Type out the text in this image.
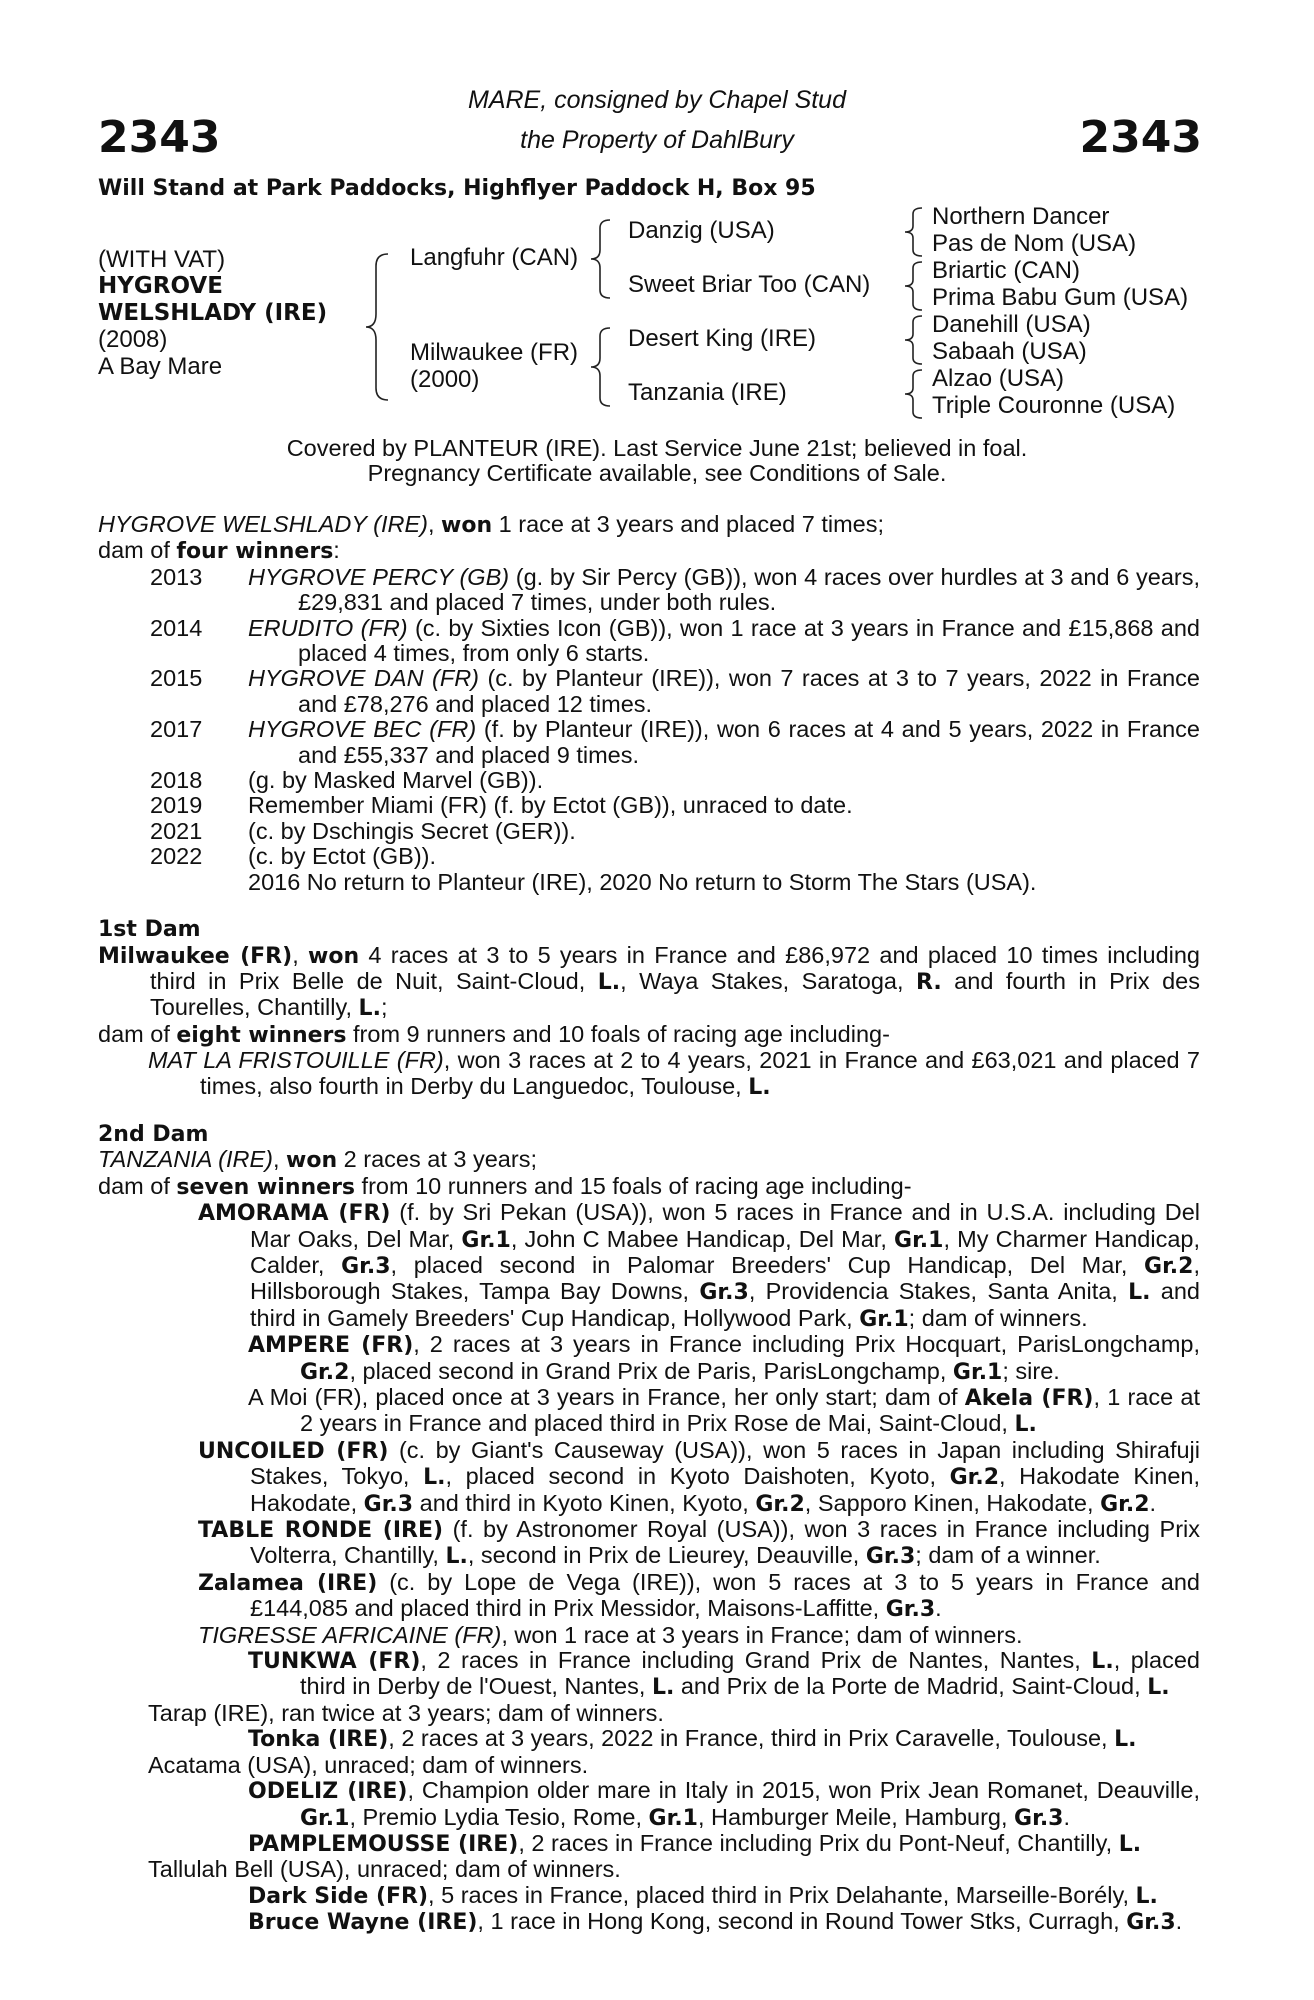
2343	2343
MARE, consigned by Chapel Stud
the Property of DahlBury
Will Stand at Park Paddocks, Highflyer Paddock H, Box 95
(WITH VAT)
HYGROVE
WELSHLADY (IRE)
(2008)
A Bay Mare
Langfuhr (CAN)
Milwaukee (FR)
(2000)
Danzig (USA)
Sweet Briar Too (CAN)
Desert King (IRE)
Tanzania (IRE)
Northern Dancer
Pas de Nom (USA)
Briartic (CAN)
Prima Babu Gum (USA)
Danehill (USA)
Sabaah (USA)
Alzao (USA)
Triple Couronne (USA)
Covered by PLANTEUR (IRE). Last Service June 21st; believed in foal.
Pregnancy Certificate available, see Conditions of Sale.

HYGROVE WELSHLADY (IRE), won 1 race at 3 years and placed 7 times;

dam of four winners:

2013	HYGROVE PERCY (GB) (g. by Sir Percy (GB)), won 4 races over hurdles at 3 and 6 years, £29,831 and placed 7 times, under both rules.
2014	ERUDITO (FR) (c. by Sixties Icon (GB)), won 1 race at 3 years in France and £15,868 and placed 4 times, from only 6 starts.
2015	HYGROVE DAN (FR) (c. by Planteur (IRE)), won 7 races at 3 to 7 years, 2022 in France and £78,276 and placed 12 times.
2017	HYGROVE BEC (FR) (f. by Planteur (IRE)), won 6 races at 4 and 5 years, 2022 in France and £55,337 and placed 9 times.
2018	(g. by Masked Marvel (GB)).
2019	Remember Miami (FR) (f. by Ectot (GB)), unraced to date.
2021	(c. by Dschingis Secret (GER)).
2022	(c. by Ectot (GB)).
2016 No return to Planteur (IRE), 2020 No return to Storm The Stars (USA).

1st Dam

Milwaukee (FR), won 4 races at 3 to 5 years in France and £86,972 and placed 10 times including third in Prix Belle de Nuit, Saint-Cloud, L., Waya Stakes, Saratoga, R. and fourth in Prix des Tourelles, Chantilly, L.;

dam of eight winners from 9 runners and 10 foals of racing age including-

MAT LA FRISTOUILLE (FR), won 3 races at 2 to 4 years, 2021 in France and £63,021 and placed 7 times, also fourth in Derby du Languedoc, Toulouse, L.

2nd Dam

TANZANIA (IRE), won 2 races at 3 years;

dam of seven winners from 10 runners and 15 foals of racing age including-

AMORAMA (FR) (f. by Sri Pekan (USA)), won 5 races in France and in U.S.A. including Del Mar Oaks, Del Mar, Gr.1, John C Mabee Handicap, Del Mar, Gr.1, My Charmer Handicap, Calder, Gr.3, placed second in Palomar Breeders' Cup Handicap, Del Mar, Gr.2, Hillsborough Stakes, Tampa Bay Downs, Gr.3, Providencia Stakes, Santa Anita, L. and third in Gamely Breeders' Cup Handicap, Hollywood Park, Gr.1; dam of winners.

AMPERE (FR), 2 races at 3 years in France including Prix Hocquart, ParisLongchamp, Gr.2, placed second in Grand Prix de Paris, ParisLongchamp, Gr.1; sire.

A Moi (FR), placed once at 3 years in France, her only start; dam of Akela (FR), 1 race at 2 years in France and placed third in Prix Rose de Mai, Saint-Cloud, L.

UNCOILED (FR) (c. by Giant's Causeway (USA)), won 5 races in Japan including Shirafuji Stakes, Tokyo, L., placed second in Kyoto Daishoten, Kyoto, Gr.2, Hakodate Kinen, Hakodate, Gr.3 and third in Kyoto Kinen, Kyoto, Gr.2, Sapporo Kinen, Hakodate, Gr.2.

TABLE RONDE (IRE) (f. by Astronomer Royal (USA)), won 3 races in France including Prix Volterra, Chantilly, L., second in Prix de Lieurey, Deauville, Gr.3; dam of a winner.

Zalamea (IRE) (c. by Lope de Vega (IRE)), won 5 races at 3 to 5 years in France and £144,085 and placed third in Prix Messidor, Maisons-Laffitte, Gr.3.

TIGRESSE AFRICAINE (FR), won 1 race at 3 years in France; dam of winners.

TUNKWA (FR), 2 races in France including Grand Prix de Nantes, Nantes, L., placed third in Derby de l'Ouest, Nantes, L. and Prix de la Porte de Madrid, Saint-Cloud, L.

Tarap (IRE), ran twice at 3 years; dam of winners.

Tonka (IRE), 2 races at 3 years, 2022 in France, third in Prix Caravelle, Toulouse, L.

Acatama (USA), unraced; dam of winners.

ODELIZ (IRE), Champion older mare in Italy in 2015, won Prix Jean Romanet, Deauville, Gr.1, Premio Lydia Tesio, Rome, Gr.1, Hamburger Meile, Hamburg, Gr.3.

PAMPLEMOUSSE (IRE), 2 races in France including Prix du Pont-Neuf, Chantilly, L.

Tallulah Bell (USA), unraced; dam of winners.

Dark Side (FR), 5 races in France, placed third in Prix Delahante, Marseille-Borély, L.

Bruce Wayne (IRE), 1 race in Hong Kong, second in Round Tower Stks, Curragh, Gr.3.
